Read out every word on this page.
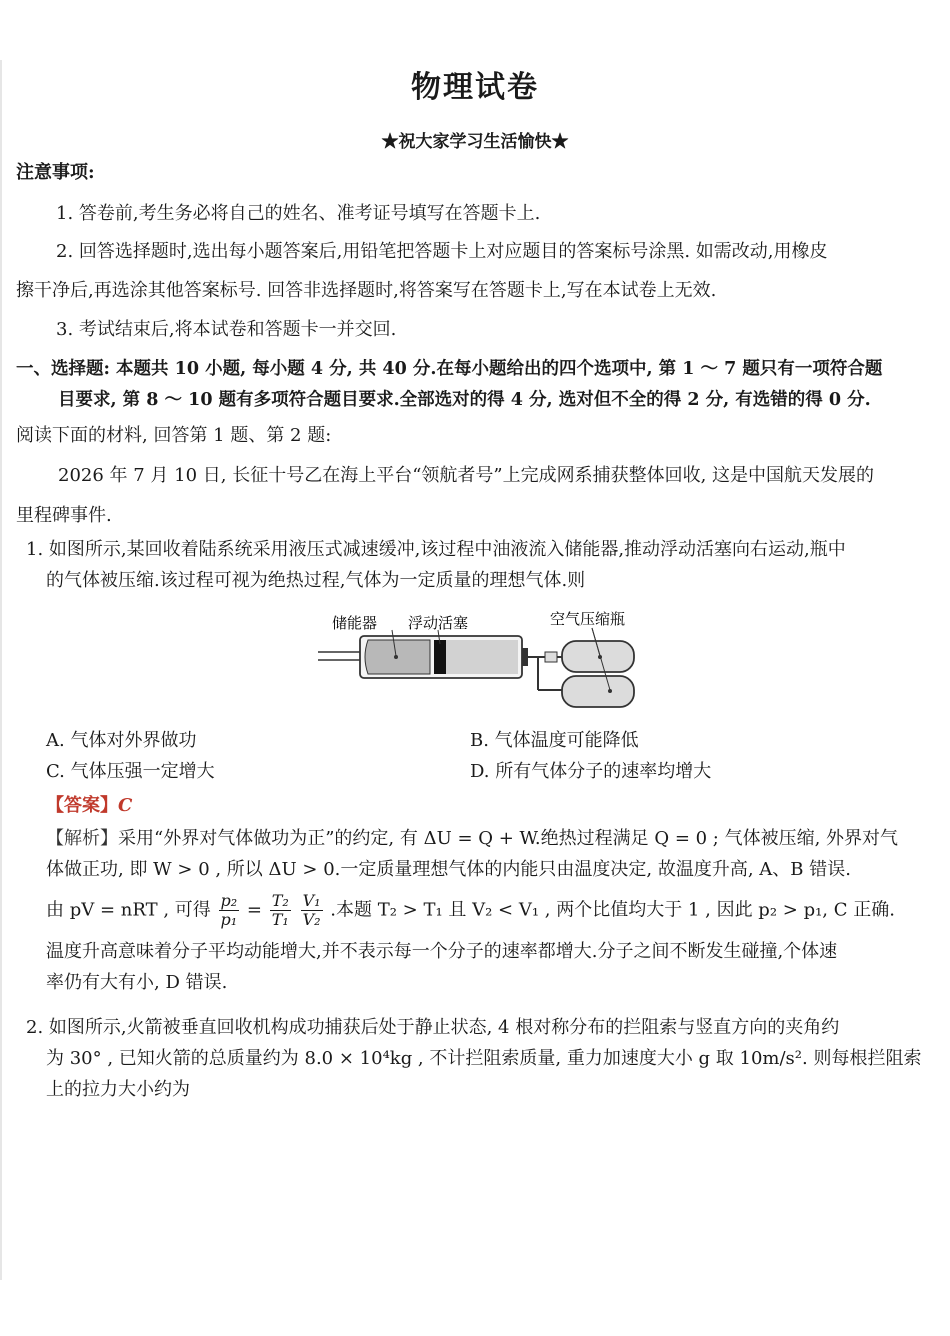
物理试卷
★祝大家学习生活愉快★
注意事项:
1. 答卷前,考生务必将自己的姓名、准考证号填写在答题卡上.
2. 回答选择题时,选出每小题答案后,用铅笔把答题卡上对应题目的答案标号涂黑. 如需改动,用橡皮
擦干净后,再选涂其他答案标号. 回答非选择题时,将答案写在答题卡上,写在本试卷上无效.
3. 考试结束后,将本试卷和答题卡一并交回.
一、选择题: 本题共 10 小题, 每小题 4 分, 共 40 分.在每小题给出的四个选项中, 第 1 ～ 7 题只有一项符合题
目要求, 第 8 ～ 10 题有多项符合题目要求.全部选对的得 4 分, 选对但不全的得 2 分, 有选错的得 0 分.
阅读下面的材料, 回答第 1 题、第 2 题:
2026 年 7 月 10 日, 长征十号乙在海上平台“领航者号”上完成网系捕获整体回收, 这是中国航天发展的
里程碑事件.
1. 如图所示,某回收着陆系统采用液压式减速缓冲,该过程中油液流入储能器,推动浮动活塞向右运动,瓶中
的气体被压缩.该过程可视为绝热过程,气体为一定质量的理想气体.则
储能器 浮动活塞	空气压缩瓶
A. 气体对外界做功	B. 气体温度可能降低
C. 气体压强一定增大	D. 所有气体分子的速率均增大
【答案】C
【解析】采用“外界对气体做功为正”的约定, 有 ΔU = Q + W.绝热过程满足 Q = 0 ; 气体被压缩, 外界对气
体做正功, 即 W > 0 , 所以 ΔU > 0.一定质量理想气体的内能只由温度决定, 故温度升高, A、B 错误.
由 pV = nRT , 可得 $\frac{\text{p₂}}{\text{p₁}} = \frac{\text{T₂}}{\text{T₁}}$
$\frac{\text{V₁}}{\text{V₂}}$ .本题 T₂ > T₁ 且 V₂ < V₁ , 两个比值均大于 1 , 因此 p₂ > p₁, C 正确.
温度升高意味着分子平均动能增大,并不表示每一个分子的速率都增大.分子之间不断发生碰撞,个体速
率仍有大有小, D 错误.
2. 如图所示,火箭被垂直回收机构成功捕获后处于静止状态, 4 根对称分布的拦阻索与竖直方向的夹角约
为 30° , 已知火箭的总质量约为 8.0 × 10⁴kg , 不计拦阻索质量, 重力加速度大小 g 取 10m/s². 则每根拦阻索
上的拉力大小约为
